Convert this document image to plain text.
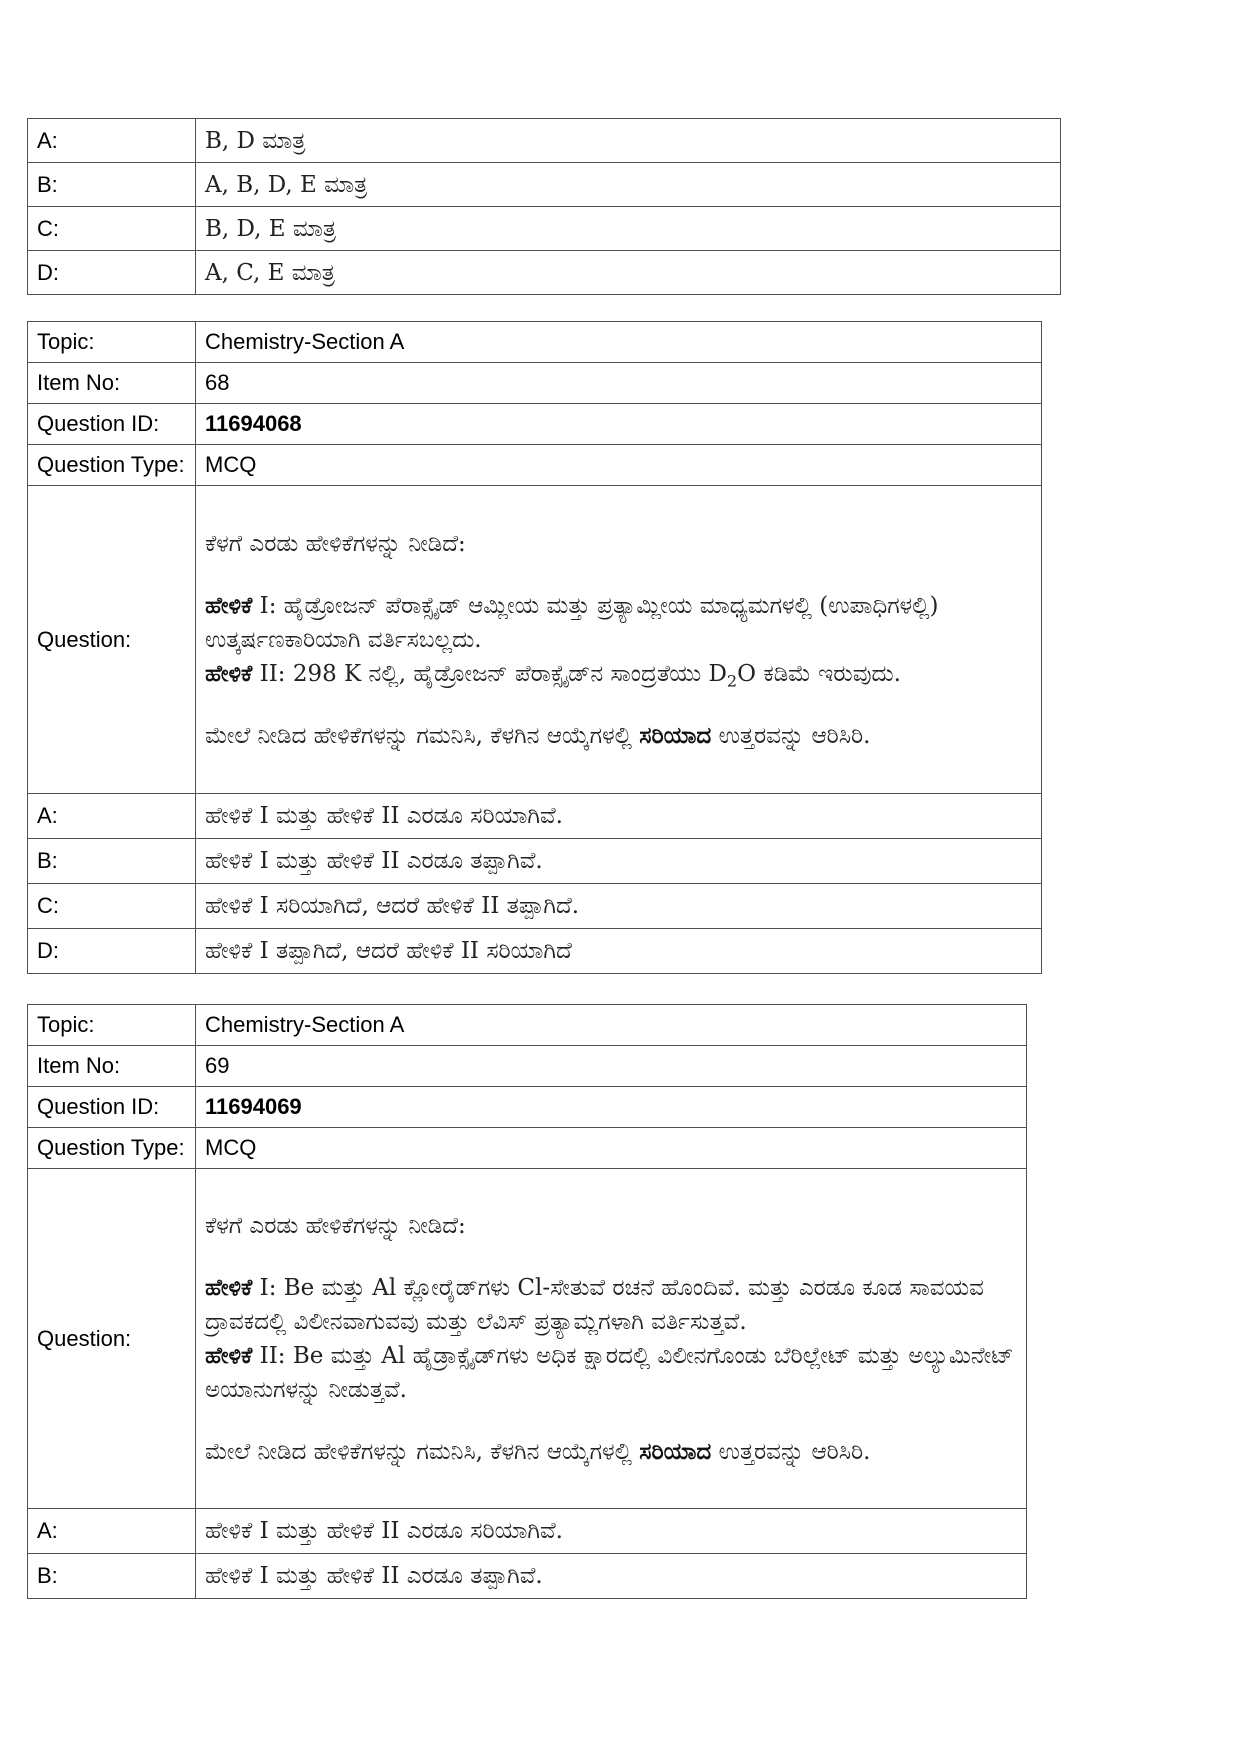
A:	B, D ಮಾತ್ರ
B:	A, B, D, E ಮಾತ್ರ
C:	B, D, E ಮಾತ್ರ
D:	A, C, E ಮಾತ್ರ
Topic:	Chemistry-Section A
Item No:	68
Question ID:	11694068
Question Type:	MCQ
Question:	ಕೆಳಗೆ ಎರಡು ಹೇಳಿಕೆಗಳನ್ನು ನೀಡಿದೆ:
ಹೇಳಿಕೆ I: ಹೈಡ್ರೋಜನ್ ಪೆರಾಕ್ಸೈಡ್ ಆಮ್ಲೀಯ ಮತ್ತು ಪ್ರತ್ಯಾಮ್ಲೀಯ ಮಾಧ್ಯಮಗಳಲ್ಲಿ (ಉಪಾಧಿಗಳಲ್ಲಿ) ಉತ್ಕರ್ಷಣಕಾರಿಯಾಗಿ ವರ್ತಿಸಬಲ್ಲದು.
ಹೇಳಿಕೆ II: 298 K ನಲ್ಲಿ, ಹೈಡ್ರೋಜನ್ ಪೆರಾಕ್ಸೈಡ್‌ನ ಸಾಂದ್ರತೆಯು $D_2O$ ಕಡಿಮೆ ಇರುವುದು.
ಮೇಲೆ ನೀಡಿದ ಹೇಳಿಕೆಗಳನ್ನು ಗಮನಿಸಿ, ಕೆಳಗಿನ ಆಯ್ಕೆಗಳಲ್ಲಿ ಸರಿಯಾದ ಉತ್ತರವನ್ನು ಆರಿಸಿರಿ.

A:	ಹೇಳಿಕೆ I ಮತ್ತು ಹೇಳಿಕೆ II ಎರಡೂ ಸರಿಯಾಗಿವೆ.
B:	ಹೇಳಿಕೆ I ಮತ್ತು ಹೇಳಿಕೆ II ಎರಡೂ ತಪ್ಪಾಗಿವೆ.
C:	ಹೇಳಿಕೆ I ಸರಿಯಾಗಿದೆ, ಆದರೆ ಹೇಳಿಕೆ II ತಪ್ಪಾಗಿದೆ.
D:	ಹೇಳಿಕೆ I ತಪ್ಪಾಗಿದೆ, ಆದರೆ ಹೇಳಿಕೆ II ಸರಿಯಾಗಿದೆ
Topic:	Chemistry-Section A
Item No:	69
Question ID:	11694069
Question Type:	MCQ
Question:	ಕೆಳಗೆ ಎರಡು ಹೇಳಿಕೆಗಳನ್ನು ನೀಡಿದೆ:
ಹೇಳಿಕೆ I: Be ಮತ್ತು Al ಕ್ಲೋರೈಡ್‌ಗಳು Cl-ಸೇತುವೆ ರಚನೆ ಹೊಂದಿವೆ. ಮತ್ತು ಎರಡೂ ಕೂಡ ಸಾವಯವ ದ್ರಾವಕದಲ್ಲಿ ವಿಲೀನವಾಗುವವು ಮತ್ತು ಲೆವಿಸ್ ಪ್ರತ್ಯಾಮ್ಲಗಳಾಗಿ ವರ್ತಿಸುತ್ತವೆ.
ಹೇಳಿಕೆ II: Be ಮತ್ತು Al ಹೈಡ್ರಾಕ್ಸೈಡ್‌ಗಳು ಅಧಿಕ ಕ್ಷಾರದಲ್ಲಿ ವಿಲೀನಗೊಂಡು ಬೆರಿಲ್ಲೇಟ್ ಮತ್ತು ಅಲ್ಯುಮಿನೇಟ್ ಅಯಾನುಗಳನ್ನು ನೀಡುತ್ತವೆ.
ಮೇಲೆ ನೀಡಿದ ಹೇಳಿಕೆಗಳನ್ನು ಗಮನಿಸಿ, ಕೆಳಗಿನ ಆಯ್ಕೆಗಳಲ್ಲಿ ಸರಿಯಾದ ಉತ್ತರವನ್ನು ಆರಿಸಿರಿ.

A:	ಹೇಳಿಕೆ I ಮತ್ತು ಹೇಳಿಕೆ II ಎರಡೂ ಸರಿಯಾಗಿವೆ.
B:	ಹೇಳಿಕೆ I ಮತ್ತು ಹೇಳಿಕೆ II ಎರಡೂ ತಪ್ಪಾಗಿವೆ.
